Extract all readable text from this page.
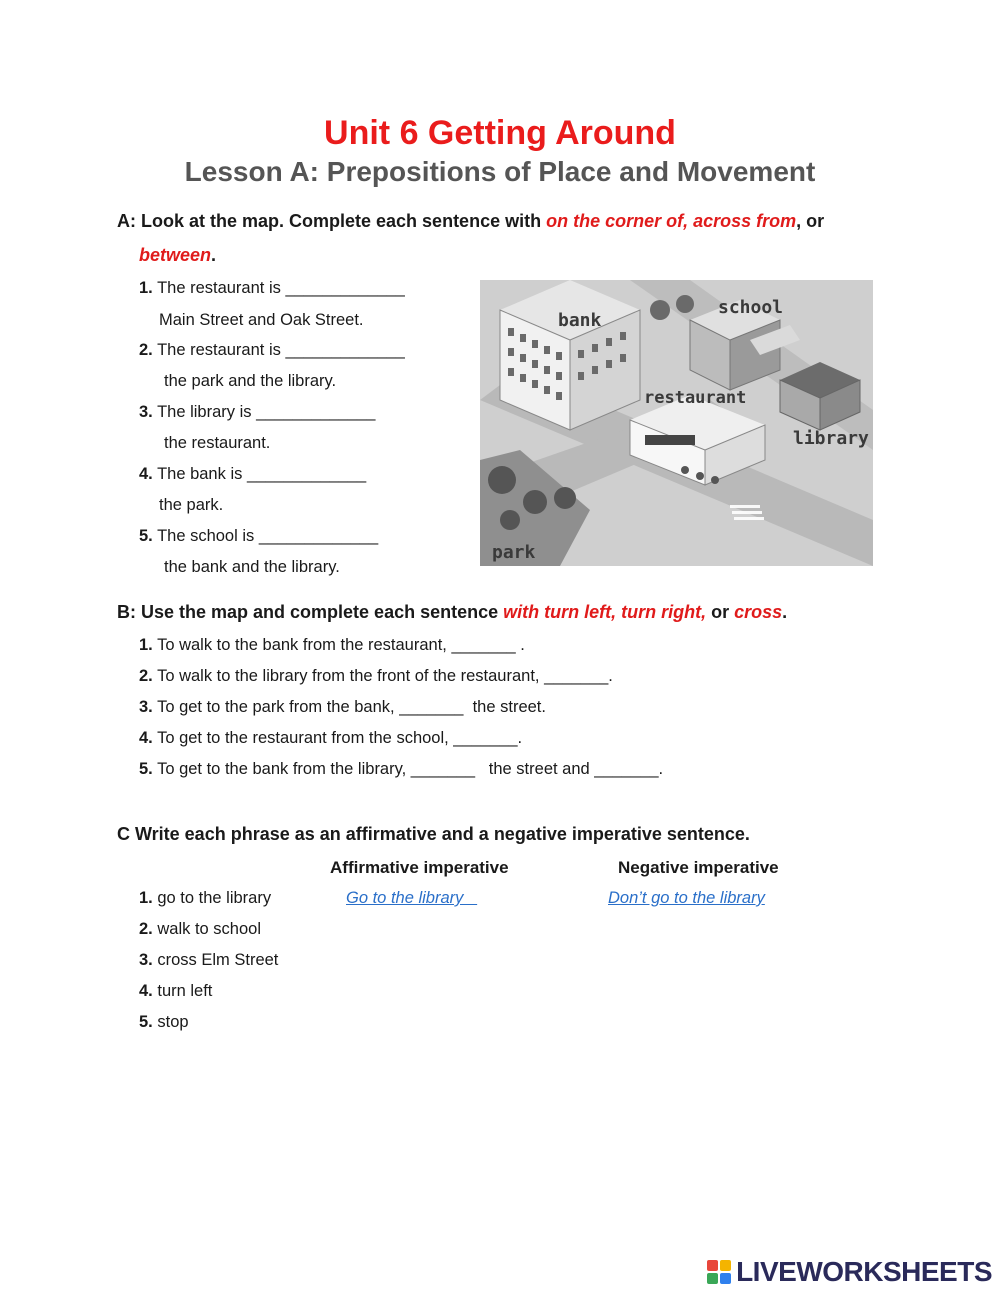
Unit 6 Getting Around
Lesson A: Prepositions of Place and Movement
A: Look at the map. Complete each sentence with on the corner of, across from, or
between.
1. The restaurant is _____________
Main Street and Oak Street.
2. The restaurant is _____________
the park and the library.
3. The library is _____________
the restaurant.
4. The bank is _____________
the park.
5. The school is _____________
the bank and the library.
bank
school
restaurant
library
park
B: Use the map and complete each sentence with turn left, turn right, or cross.
1. To walk to the bank from the restaurant, _______ .
2. To walk to the library from the front of the restaurant, _______.
3. To get to the park from the bank, _______  the street.
4. To get to the restaurant from the school, _______.
5. To get to the bank from the library, _______   the street and _______.
C Write each phrase as an affirmative and a negative imperative sentence.
Affirmative imperative	Negative imperative
1. go to the library	Go to the library	Don’t go to the library
2. walk to school
3. cross Elm Street
4. turn left
5. stop
LIVEWORKSHEETS
